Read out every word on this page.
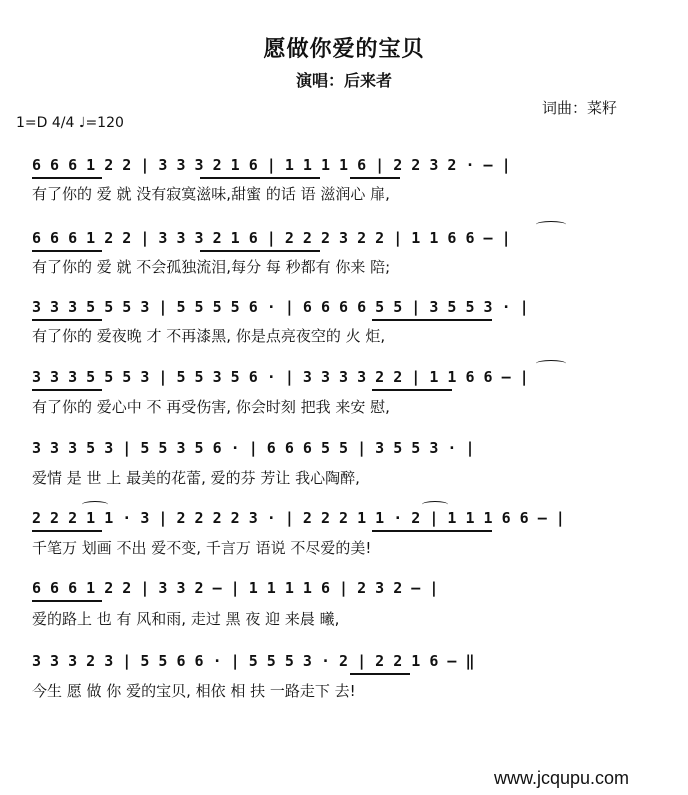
愿做你爱的宝贝
演唱：后来者
词曲：菜籽
1=D 4/4 ♩=120
6 6 6 1 2 2 | 3 3 3 2 1 6 | 1 1 1 1 6 | 2 2 3 2 · – |
有了你的 爱 就 没有寂寞滋味,甜蜜 的话 语 滋润心 扉,
6 6 6 1 2 2 | 3 3 3 2 1 6 | 2 2 2 3 2 2 | 1 1 6 6 – |
有了你的 爱 就 不会孤独流泪,每分 每 秒都有 你来 陪;
3 3 3 5 5 5 3 | 5 5 5 5 6 · | 6 6 6 6 5 5 | 3 5 5 3 · |
有了你的 爱夜晚 才 不再漆黑, 你是点亮夜空的 火 炬,
3 3 3 5 5 5 3 | 5 5 3 5 6 · | 3 3 3 3 2 2 | 1 1 6 6 – |
有了你的 爱心中 不 再受伤害, 你会时刻 把我 来安 慰,
3 3 3 5 3 | 5 5 3 5 6 · | 6 6 6 5 5 | 3 5 5 3 · |
爱情 是 世 上 最美的花蕾, 爱的芬 芳让 我心陶醉,
2 2 2 1 1 · 3 | 2 2 2 2 3 · | 2 2 2 1 1 · 2 | 1 1 1 6 6 – |
千笔万 划画 不出 爱不变, 千言万 语说 不尽爱的美!
6 6 6 1 2 2 | 3 3 2 – | 1 1 1 1 6 | 2 3 2 – |
爱的路上 也 有 风和雨, 走过 黑 夜 迎 来晨 曦,
3 3 3 2 3 | 5 5 6 6 · | 5 5 5 3 · 2 | 2 2 1 6 – ‖
今生 愿 做 你 爱的宝贝, 相依 相 扶 一路走下 去!
www.jcqupu.com
